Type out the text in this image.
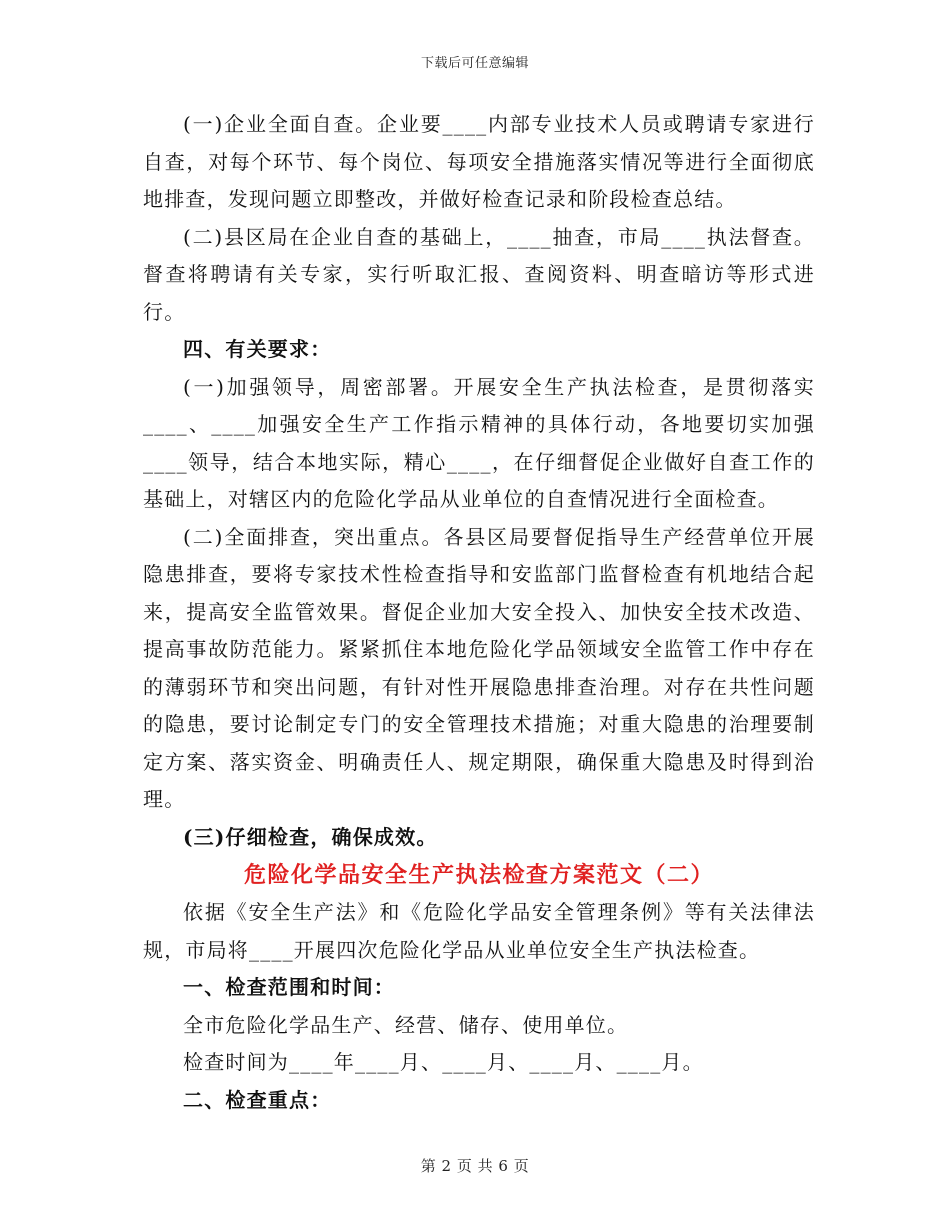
下载后可任意编辑

(一)企业全面自查。企业要____内部专业技术人员或聘请专家进行自查，对每个环节、每个岗位、每项安全措施落实情况等进行全面彻底地排查，发现问题立即整改，并做好检查记录和阶段检查总结。

(二)县区局在企业自查的基础上，____抽查，市局____执法督查。督查将聘请有关专家，实行听取汇报、查阅资料、明查暗访等形式进行。

四、有关要求：

(一)加强领导，周密部署。开展安全生产执法检查，是贯彻落实____、____加强安全生产工作指示精神的具体行动，各地要切实加强____领导，结合本地实际，精心____，在仔细督促企业做好自查工作的基础上，对辖区内的危险化学品从业单位的自查情况进行全面检查。

(二)全面排查，突出重点。各县区局要督促指导生产经营单位开展隐患排查，要将专家技术性检查指导和安监部门监督检查有机地结合起来，提高安全监管效果。督促企业加大安全投入、加快安全技术改造、提高事故防范能力。紧紧抓住本地危险化学品领域安全监管工作中存在的薄弱环节和突出问题，有针对性开展隐患排查治理。对存在共性问题的隐患，要讨论制定专门的安全管理技术措施；对重大隐患的治理要制定方案、落实资金、明确责任人、规定期限，确保重大隐患及时得到治理。

(三)仔细检查，确保成效。

危险化学品安全生产执法检查方案范文（二）

依据《安全生产法》和《危险化学品安全管理条例》等有关法律法规，市局将____开展四次危险化学品从业单位安全生产执法检查。

一、检查范围和时间：

全市危险化学品生产、经营、储存、使用单位。

检查时间为____年____月、____月、____月、____月。

二、检查重点：

第 2 页 共 6 页
